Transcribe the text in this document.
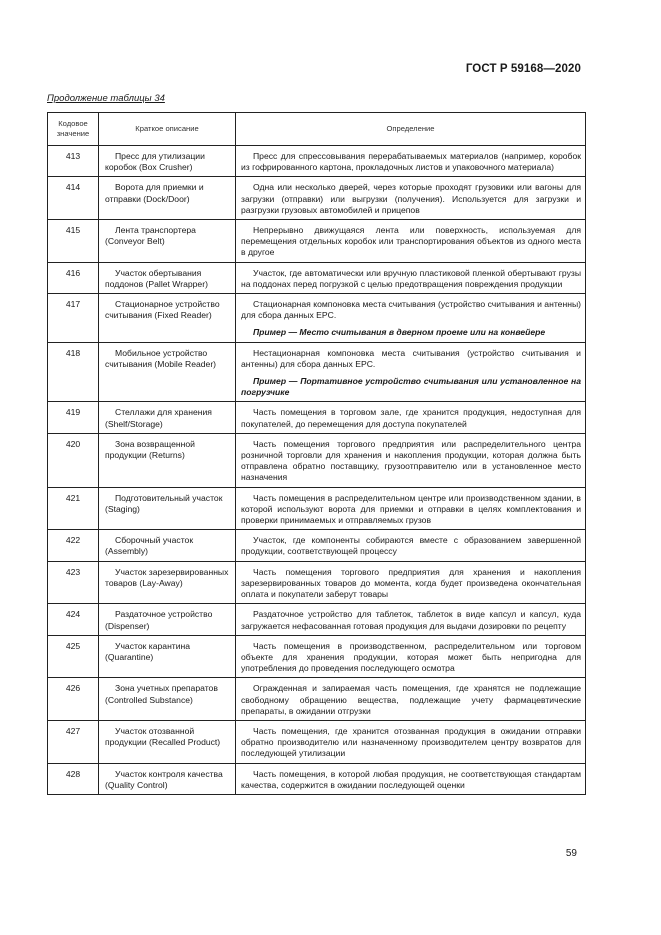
ГОСТ Р 59168—2020
Продолжение таблицы 34
Кодовое значение	Краткое описание	Определение
413	Пресс для утилизации коробок (Box Crusher)	Пресс для спрессовывания перерабатываемых материалов (например, коробок из гофрированного картона, прокладочных листов и упаковочного материала)

414	Ворота для приемки и отправки (Dock/Door)	Одна или несколько дверей, через которые проходят грузовики или вагоны для загрузки (отправки) или выгрузки (получения). Используется для загрузки и разгрузки грузовых автомобилей и прицепов

415	Лента транспортера (Conveyor Belt)	Непрерывно движущаяся лента или поверхность, используемая для перемещения отдельных коробок или транспортирования объектов из одного места в другое

416	Участок обертывания поддонов (Pallet Wrapper)	Участок, где автоматически или вручную пластиковой пленкой обертывают грузы на поддонах перед погрузкой с целью предотвращения повреждения продукции

417	Стационарное устройство считывания (Fixed Reader)	Стационарная компоновка места считывания (устройство считывания и антенны) для сбора данных EPC.
Пример — Место считывания в дверном проеме или на конвейере

418	Мобильное устройство считывания (Mobile Reader)	Нестационарная компоновка места считывания (устройство считывания и антенны) для сбора данных EPC.
Пример — Портативное устройство считывания или установленное на погрузчике

419	Стеллажи для хранения (Shelf/Storage)	Часть помещения в торговом зале, где хранится продукция, недоступная для покупателей, до перемещения для доступа покупателей

420	Зона возвращенной продукции (Returns)	Часть помещения торгового предприятия или распределительного центра розничной торговли для хранения и накопления продукции, которая должна быть отправлена обратно поставщику, грузоотправителю или в установленное место назначения

421	Подготовительный участок (Staging)	Часть помещения в распределительном центре или производственном здании, в которой используют ворота для приемки и отправки в целях комплектования и проверки принимаемых и отправляемых грузов

422	Сборочный участок (Assembly)	Участок, где компоненты собираются вместе с образованием завершенной продукции, соответствующей процессу

423	Участок зарезервированных товаров (Lay-Away)	Часть помещения торгового предприятия для хранения и накопления зарезервированных товаров до момента, когда будет произведена окончательная оплата и покупатели заберут товары

424	Раздаточное устройство (Dispenser)	Раздаточное устройство для таблеток, таблеток в виде капсул и капсул, куда загружается нефасованная готовая продукция для выдачи дозировки по рецепту

425	Участок карантина (Quarantine)	Часть помещения в производственном, распределительном или торговом объекте для хранения продукции, которая может быть непригодна для употребления до проведения последующего осмотра

426	Зона учетных препаратов (Controlled Substance)	Огражденная и запираемая часть помещения, где хранятся не подлежащие свободному обращению вещества, подлежащие учету фармацевтические препараты, в ожидании отгрузки

427	Участок отозванной продукции (Recalled Product)	Часть помещения, где хранится отозванная продукция в ожидании отправки обратно производителю или назначенному производителем центру возвратов для последующей утилизации

428	Участок контроля качества (Quality Control)	Часть помещения, в которой любая продукция, не соответствующая стандартам качества, содержится в ожидании последующей оценки
59
